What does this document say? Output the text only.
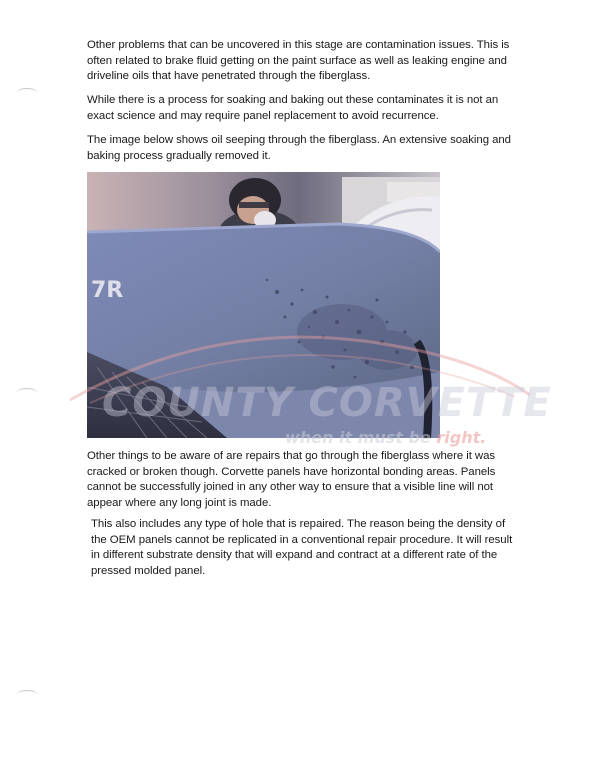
Other problems that can be uncovered in this stage are contamination issues. This is often related to brake fluid getting on the paint surface as well as leaking engine and driveline oils that have penetrated through the fiberglass.

While there is a process for soaking and baking out these contaminates it is not an exact science and may require panel replacement to avoid recurrence.

The image below shows oil seeping through the fiberglass. An extensive soaking and baking process gradually removed it.

7R
COUNTY CORVETTE
when it must be right.

Other things to be aware of are repairs that go through the fiberglass where it was cracked or broken though. Corvette panels have horizontal bonding areas. Panels cannot be successfully joined in any other way to ensure that a visible line will not appear where any long joint is made.

This also includes any type of hole that is repaired. The reason being the density of the OEM panels cannot be replicated in a conventional repair procedure. It will result in different substrate density that will expand and contract at a different rate of the pressed molded panel.
